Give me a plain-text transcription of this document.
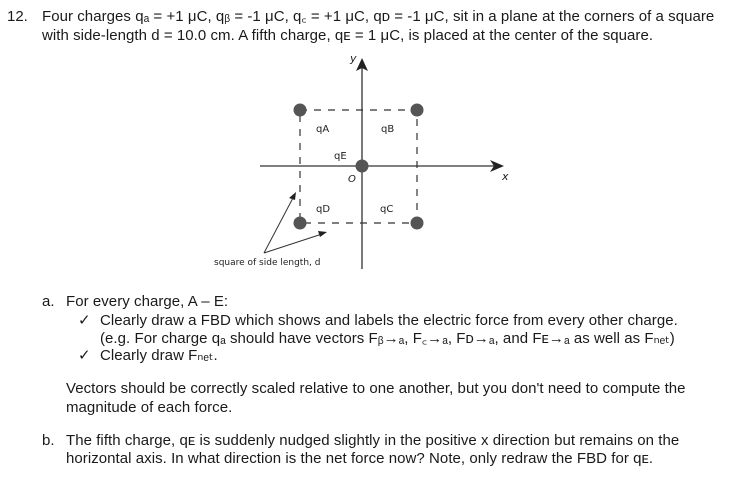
12. Four charges qₐ = +1 μC, qᵦ = -1 μC, q꜀ = +1 μC, qᴅ = -1 μC, sit in a plane at the corners of a square
with side-length d = 10.0 cm. A fifth charge, qᴇ = 1 μC, is placed at the center of the square.
x
y
O
qA	qB
qC
qD
qE
square of side length, d
a. For every charge, A – E:
✓ Clearly draw a FBD which shows and labels the electric force from every other charge.
(e.g. For charge qₐ should have vectors Fᵦ→ₐ, F꜀→ₐ, Fᴅ→ₐ, and Fᴇ→ₐ as well as Fₙₑₜ)
✓ Clearly draw Fₙₑₜ.
Vectors should be correctly scaled relative to one another, but you don't need to compute the
magnitude of each force.
b. The fifth charge, qᴇ is suddenly nudged slightly in the positive x direction but remains on the
horizontal axis. In what direction is the net force now? Note, only redraw the FBD for qᴇ.
